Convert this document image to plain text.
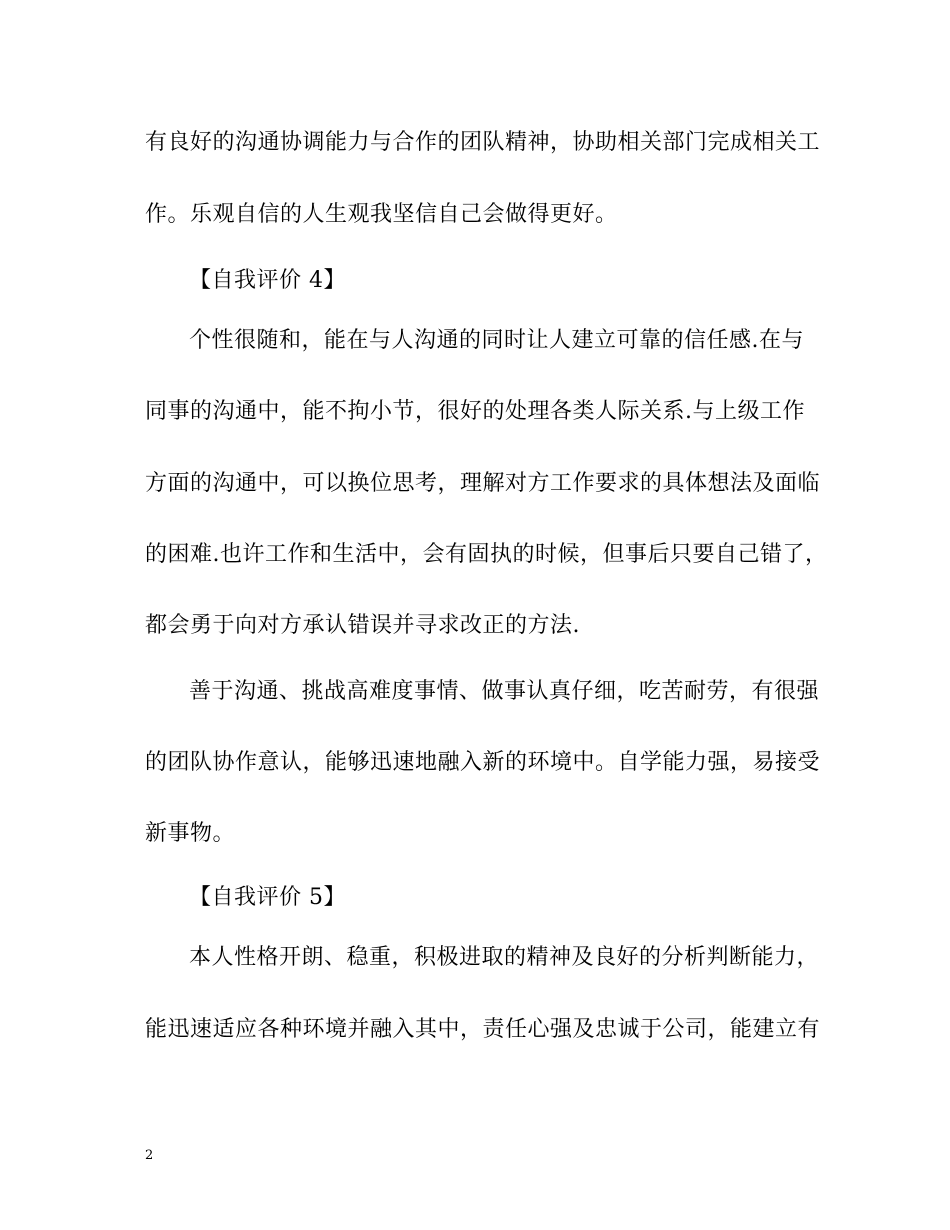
有良好的沟通协调能力与合作的团队精神，协助相关部门完成相关工
作。乐观自信的人生观我坚信自己会做得更好。
【自我评价 4】
个性很随和，能在与人沟通的同时让人建立可靠的信任感.在与
同事的沟通中，能不拘小节，很好的处理各类人际关系.与上级工作
方面的沟通中，可以换位思考，理解对方工作要求的具体想法及面临
的困难.也许工作和生活中，会有固执的时候，但事后只要自己错了，
都会勇于向对方承认错误并寻求改正的方法.
善于沟通、挑战高难度事情、做事认真仔细，吃苦耐劳，有很强
的团队协作意认，能够迅速地融入新的环境中。自学能力强，易接受
新事物。
【自我评价 5】
本人性格开朗、稳重，积极进取的精神及良好的分析判断能力，
能迅速适应各种环境并融入其中，责任心强及忠诚于公司，能建立有
2
